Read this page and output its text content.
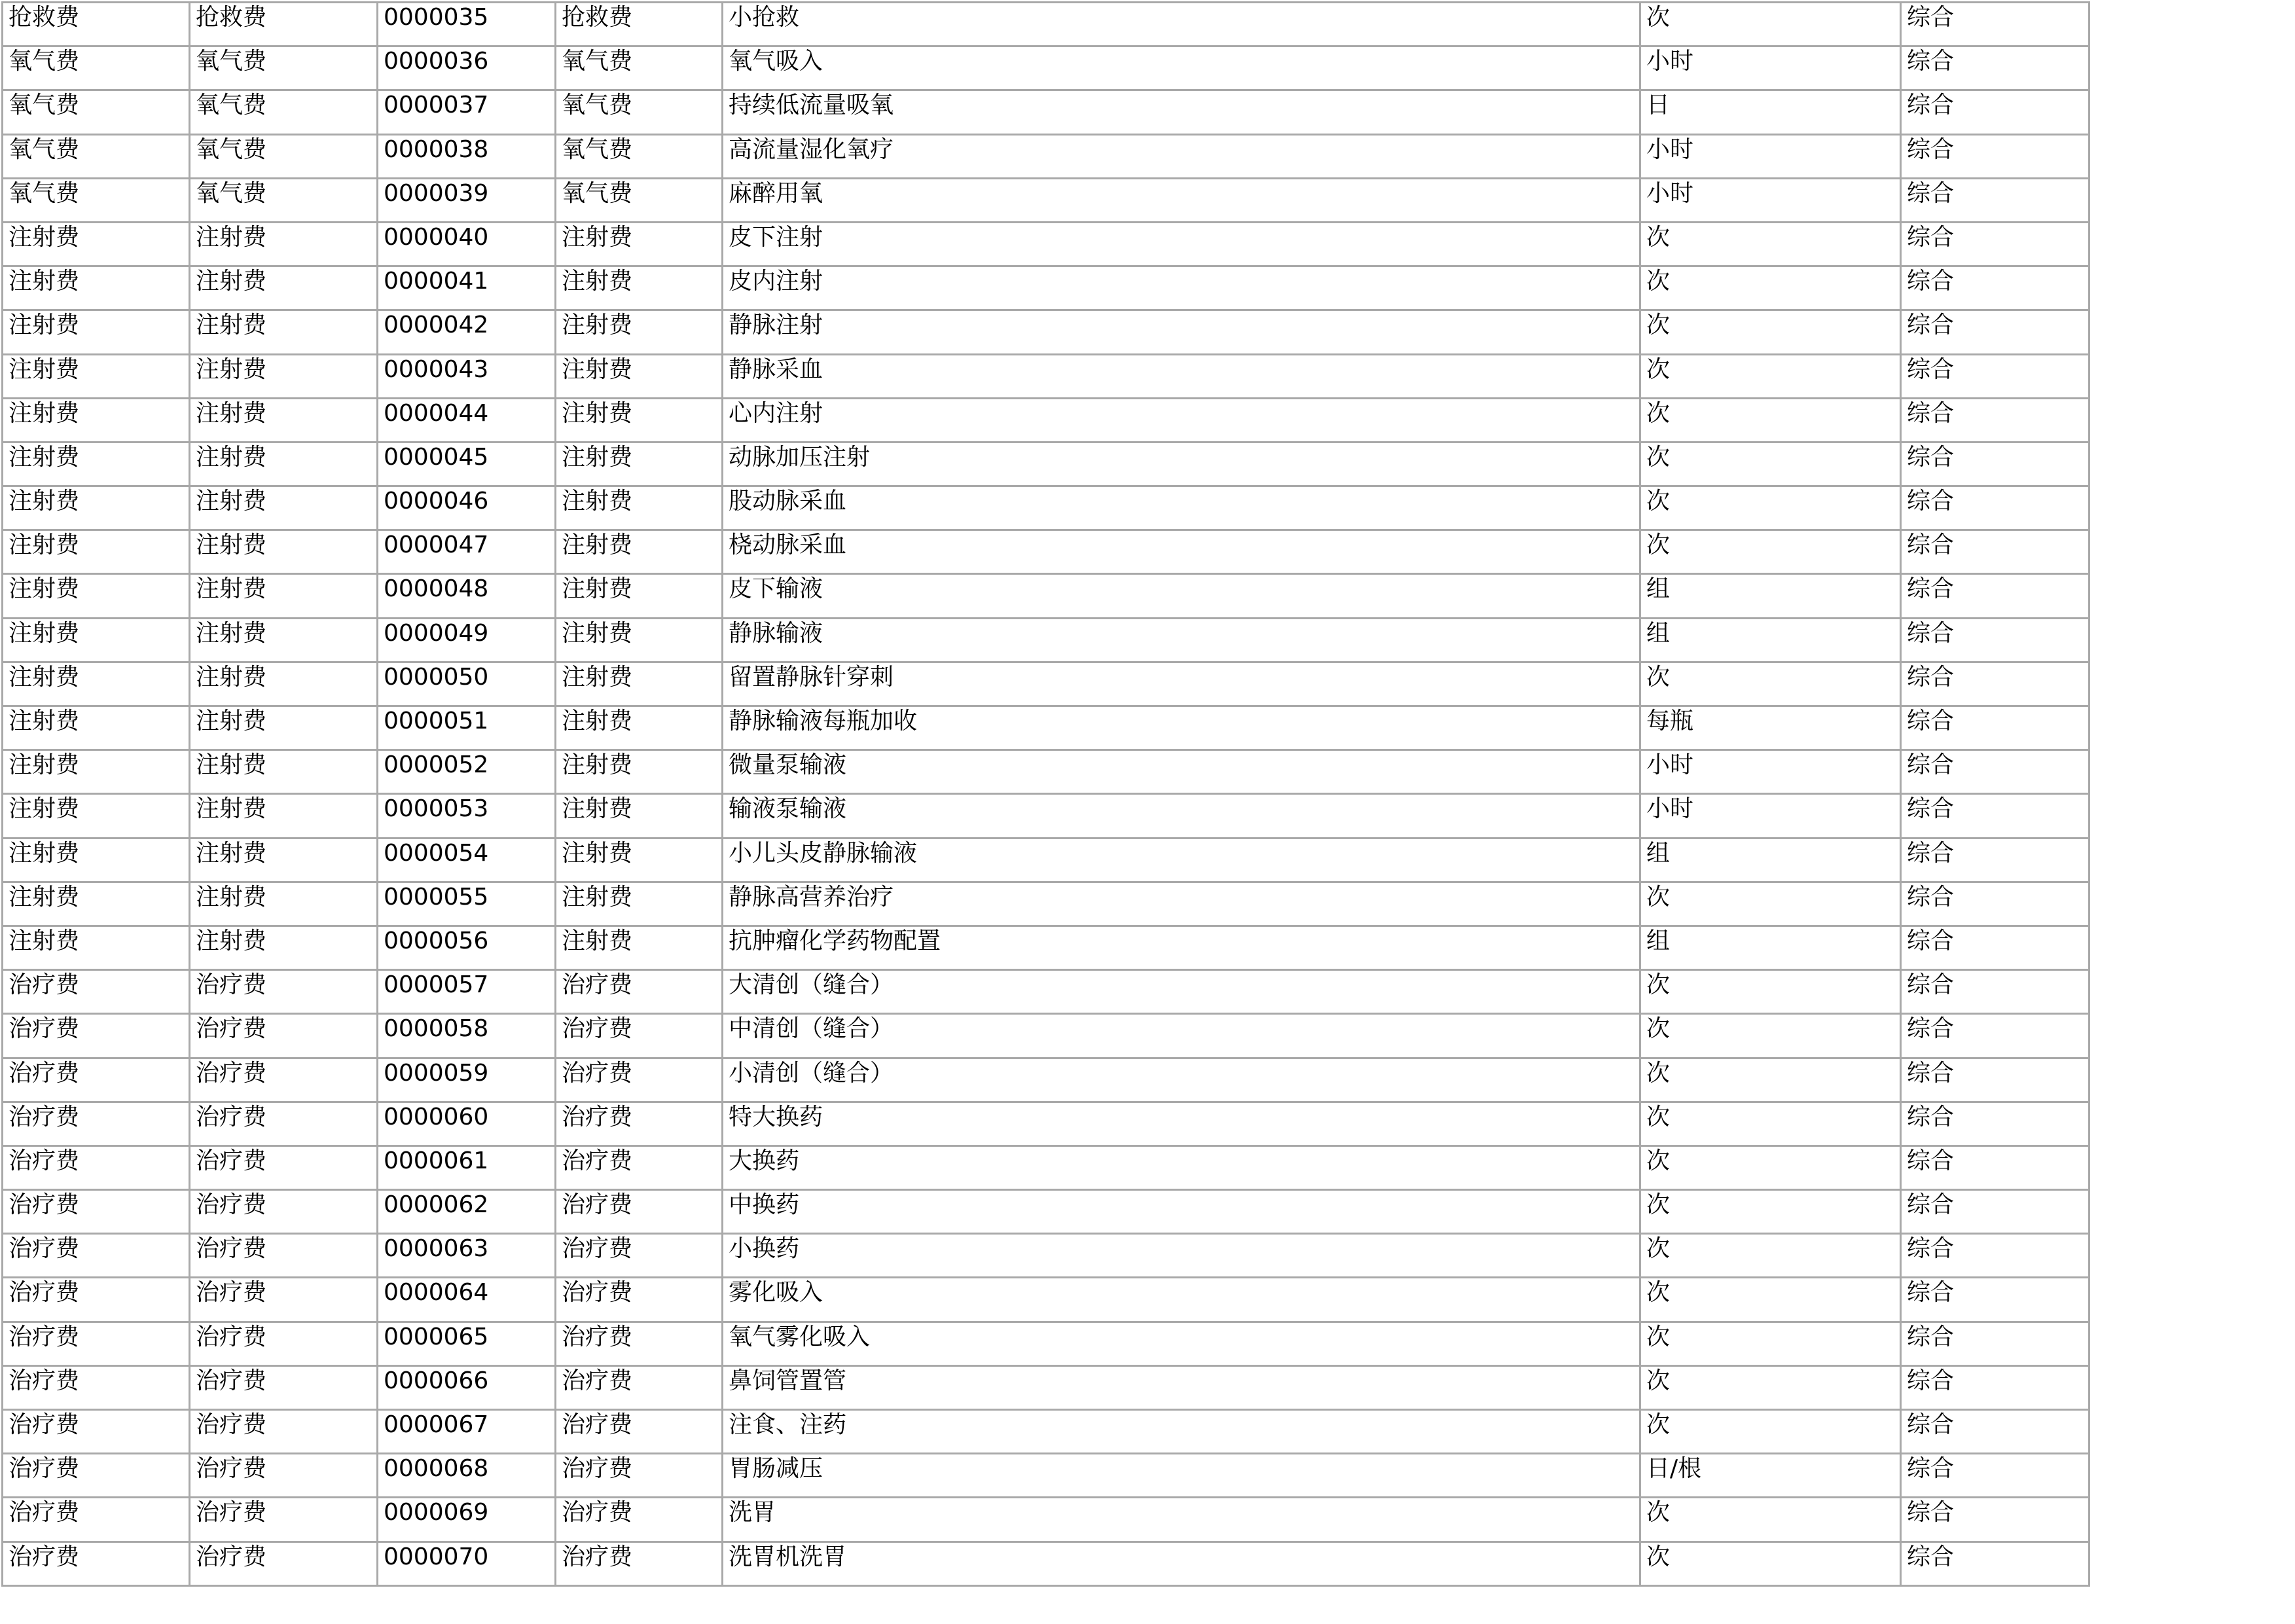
抢救费	抢救费	0000035	抢救费	小抢救	次	综合
氧气费	氧气费	0000036	氧气费	氧气吸入	小时	综合
氧气费	氧气费	0000037	氧气费	持续低流量吸氧	日	综合
氧气费	氧气费	0000038	氧气费	高流量湿化氧疗	小时	综合
氧气费	氧气费	0000039	氧气费	麻醉用氧	小时	综合
注射费	注射费	0000040	注射费	皮下注射	次	综合
注射费	注射费	0000041	注射费	皮内注射	次	综合
注射费	注射费	0000042	注射费	静脉注射	次	综合
注射费	注射费	0000043	注射费	静脉采血	次	综合
注射费	注射费	0000044	注射费	心内注射	次	综合
注射费	注射费	0000045	注射费	动脉加压注射	次	综合
注射费	注射费	0000046	注射费	股动脉采血	次	综合
注射费	注射费	0000047	注射费	桡动脉采血	次	综合
注射费	注射费	0000048	注射费	皮下输液	组	综合
注射费	注射费	0000049	注射费	静脉输液	组	综合
注射费	注射费	0000050	注射费	留置静脉针穿刺	次	综合
注射费	注射费	0000051	注射费	静脉输液每瓶加收	每瓶	综合
注射费	注射费	0000052	注射费	微量泵输液	小时	综合
注射费	注射费	0000053	注射费	输液泵输液	小时	综合
注射费	注射费	0000054	注射费	小儿头皮静脉输液	组	综合
注射费	注射费	0000055	注射费	静脉高营养治疗	次	综合
注射费	注射费	0000056	注射费	抗肿瘤化学药物配置	组	综合
治疗费	治疗费	0000057	治疗费	大清创（缝合）	次	综合
治疗费	治疗费	0000058	治疗费	中清创（缝合）	次	综合
治疗费	治疗费	0000059	治疗费	小清创（缝合）	次	综合
治疗费	治疗费	0000060	治疗费	特大换药	次	综合
治疗费	治疗费	0000061	治疗费	大换药	次	综合
治疗费	治疗费	0000062	治疗费	中换药	次	综合
治疗费	治疗费	0000063	治疗费	小换药	次	综合
治疗费	治疗费	0000064	治疗费	雾化吸入	次	综合
治疗费	治疗费	0000065	治疗费	氧气雾化吸入	次	综合
治疗费	治疗费	0000066	治疗费	鼻饲管置管	次	综合
治疗费	治疗费	0000067	治疗费	注食、注药	次	综合
治疗费	治疗费	0000068	治疗费	胃肠减压	日/根	综合
治疗费	治疗费	0000069	治疗费	洗胃	次	综合
治疗费	治疗费	0000070	治疗费	洗胃机洗胃	次	综合
